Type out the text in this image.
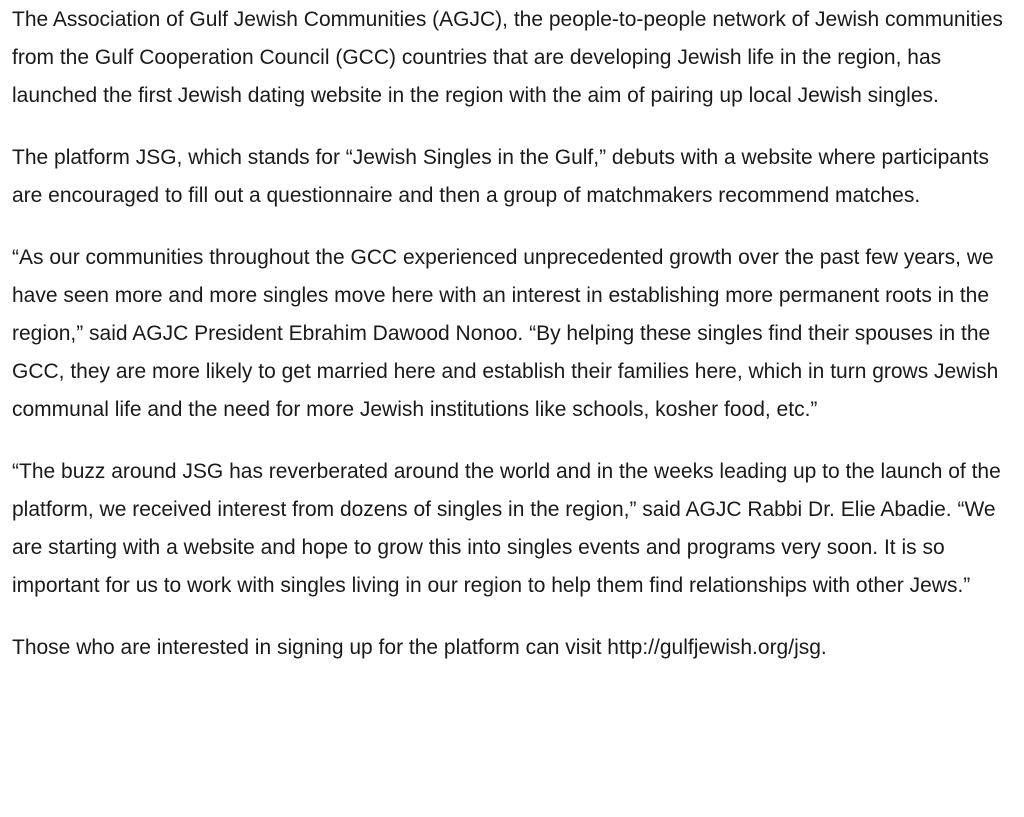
The Association of Gulf Jewish Communities (AGJC), the people-to-people network of Jewish communities from the Gulf Cooperation Council (GCC) countries that are developing Jewish life in the region, has launched the first Jewish dating website in the region with the aim of pairing up local Jewish singles.

The platform JSG, which stands for “Jewish Singles in the Gulf,” debuts with a website where participants are encouraged to fill out a questionnaire and then a group of matchmakers recommend matches.

“As our communities throughout the GCC experienced unprecedented growth over the past few years, we have seen more and more singles move here with an interest in establishing more permanent roots in the region,” said AGJC President Ebrahim Dawood Nonoo. “By helping these singles find their spouses in the GCC, they are more likely to get married here and establish their families here, which in turn grows Jewish communal life and the need for more Jewish institutions like schools, kosher food, etc.”

“The buzz around JSG has reverberated around the world and in the weeks leading up to the launch of the platform, we received interest from dozens of singles in the region,” said AGJC Rabbi Dr. Elie Abadie. “We are starting with a website and hope to grow this into singles events and programs very soon. It is so important for us to work with singles living in our region to help them find relationships with other Jews.”

Those who are interested in signing up for the platform can visit http://gulfjewish.org/jsg.
